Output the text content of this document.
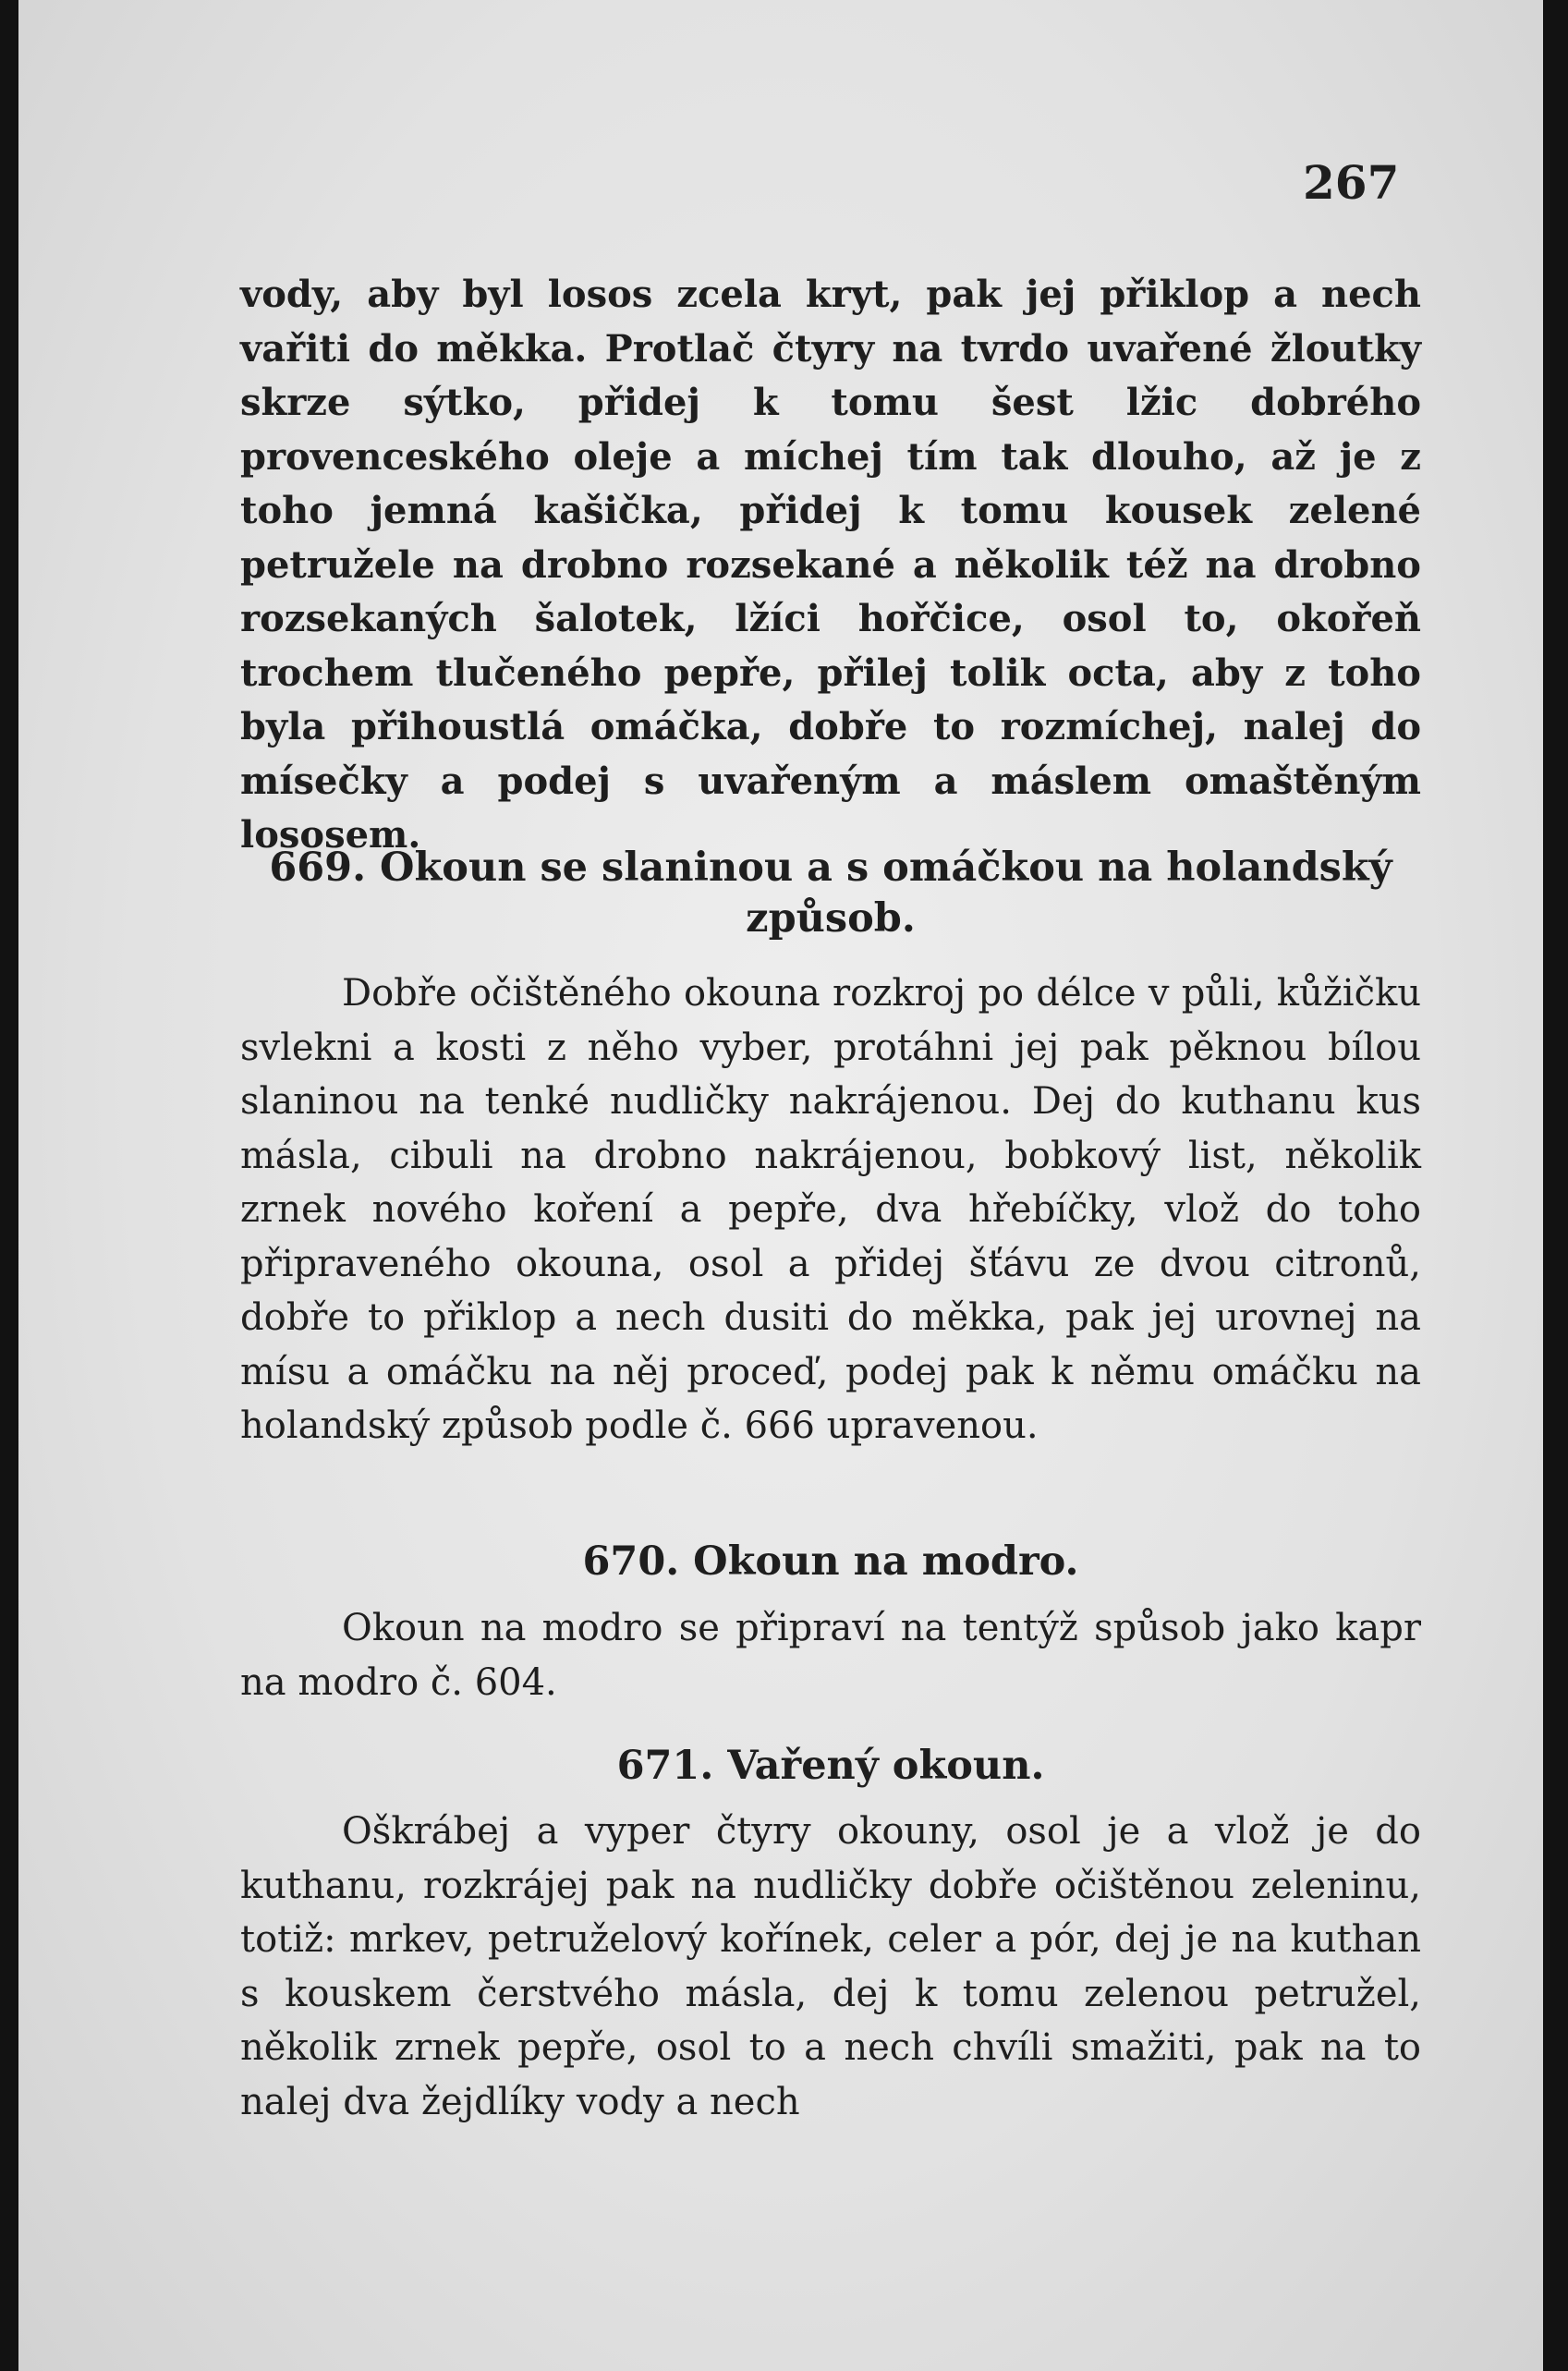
267

vody, aby byl losos zcela kryt, pak jej přiklop a nech vařiti do měkka. Protlač čtyry na tvrdo uvařené žloutky skrze sýtko, přidej k tomu šest lžic dobrého provenceského oleje a míchej tím tak dlouho, až je z toho jemná kašička, přidej k tomu kousek zelené petružele na drobno rozsekané a několik též na drobno rozsekaných šalotek, lžíci hořčice, osol to, okořeň trochem tlučeného pepře, přilej tolik octa, aby z toho byla přihoustlá omáčka, dobře to rozmíchej, nalej do mísečky a podej s uvařeným a máslem omaštěným lososem.

669. Okoun se slaninou a s omáčkou na holandský způsob.

Dobře očištěného okouna rozkroj po délce v půli, kůžičku svlekni a kosti z něho vyber, protáhni jej pak pěknou bílou slaninou na tenké nudličky nakrájenou. Dej do kuthanu kus másla, cibuli na drobno nakrájenou, bobkový list, několik zrnek nového koření a pepře, dva hřebíčky, vlož do toho připraveného okouna, osol a přidej šťávu ze dvou citronů, dobře to přiklop a nech dusiti do měkka, pak jej urovnej na mísu a omáčku na něj proceď, podej pak k němu omáčku na holandský způsob podle č. 666 upravenou.

670. Okoun na modro.

Okoun na modro se připraví na tentýž spůsob jako kapr na modro č. 604.

671. Vařený okoun.

Oškrábej a vyper čtyry okouny, osol je a vlož je do kuthanu, rozkrájej pak na nudličky dobře očištěnou zeleninu, totiž: mrkev, petruželový kořínek, celer a pór, dej je na kuthan s kouskem čerstvého másla, dej k tomu zelenou petružel, několik zrnek pepře, osol to a nech chvíli smažiti, pak na to nalej dva žejdlíky vody a nech
